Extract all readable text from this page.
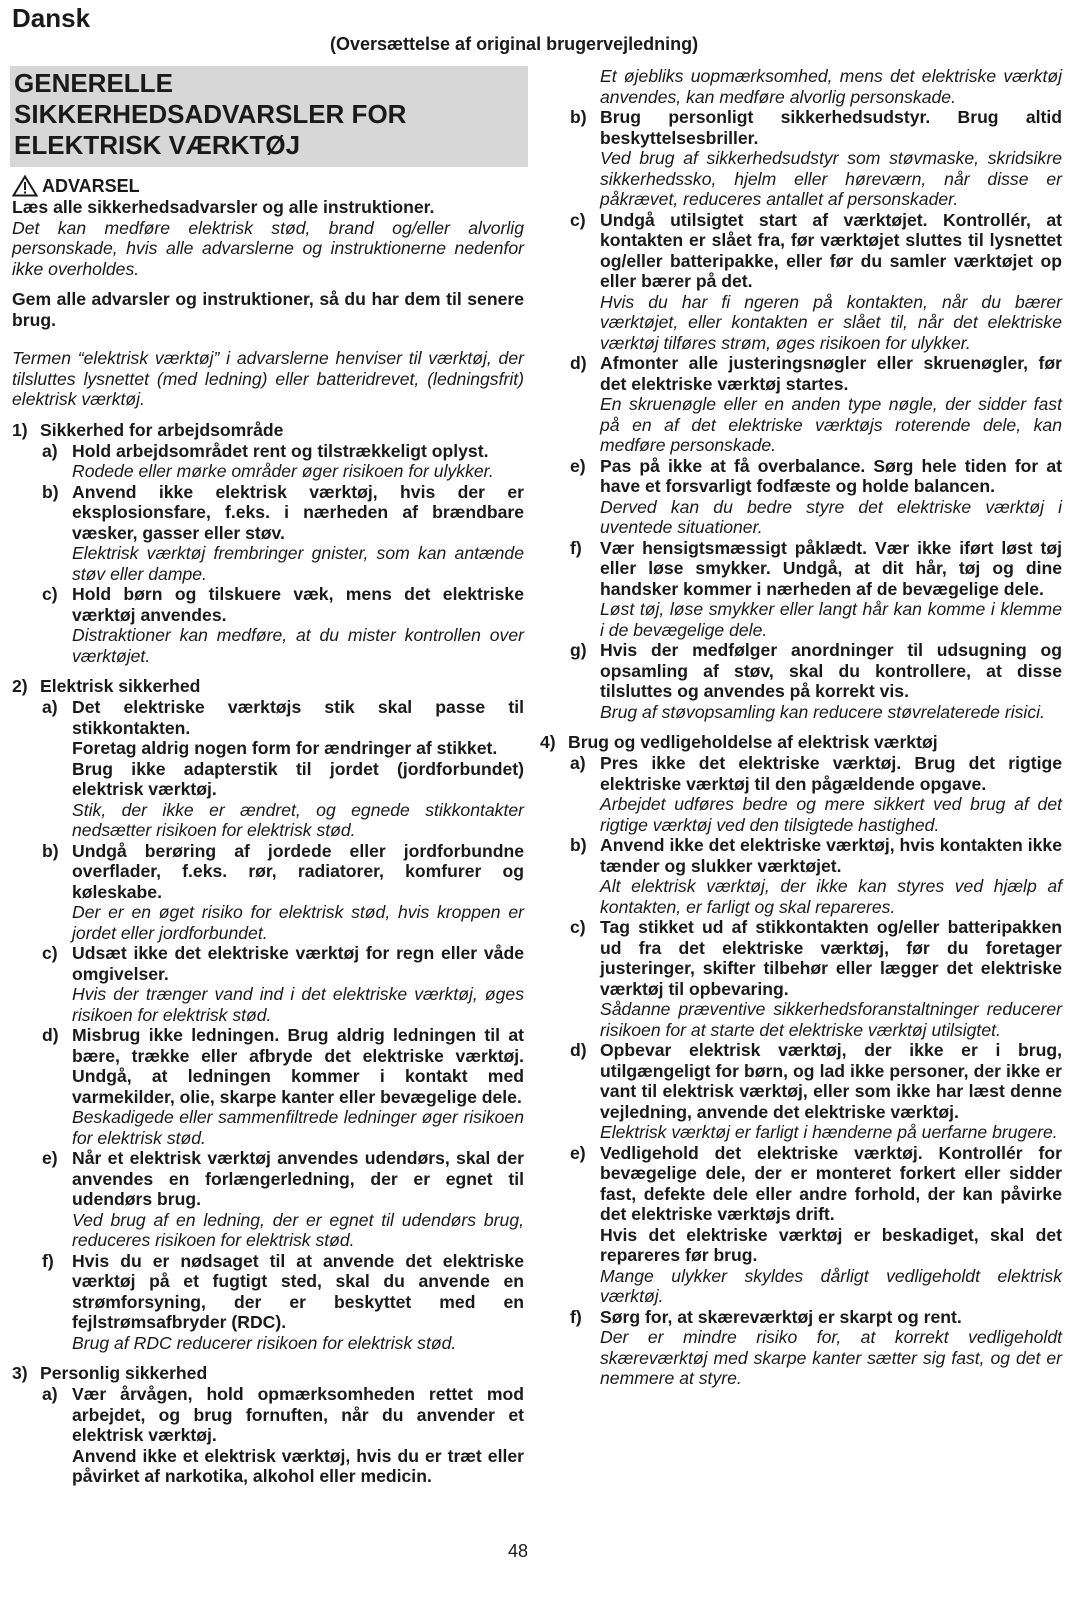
Dansk
(Oversættelse af original brugervejledning)
GENERELLE
SIKKERHEDSADVARSLER FOR
ELEKTRISK VÆRKTØJ
ADVARSEL

Læs alle sikkerhedsadvarsler og alle instruktioner.

Det kan medføre elektrisk stød, brand og/eller alvorlig personskade, hvis alle advarslerne og instruktionerne nedenfor ikke overholdes.

Gem alle advarsler og instruktioner, så du har dem til senere brug.

Termen “elektrisk værktøj” i advarslerne henviser til værktøj, der tilsluttes lysnettet (med ledning) eller batteridrevet, (ledningsfrit) elektrisk værktøj.

1) Sikkerhed for arbejdsområde

a) Hold arbejdsområdet rent og tilstrækkeligt oplyst.

Rodede eller mørke områder øger risikoen for ulykker.

b) Anvend ikke elektrisk værktøj, hvis der er eksplosionsfare, f.eks. i nærheden af brændbare væsker, gasser eller støv.

Elektrisk værktøj frembringer gnister, som kan antænde støv eller dampe.

c) Hold børn og tilskuere væk, mens det elektriske værktøj anvendes.

Distraktioner kan medføre, at du mister kontrollen over værktøjet.

2) Elektrisk sikkerhed

a) Det elektriske værktøjs stik skal passe til stikkontakten.

Foretag aldrig nogen form for ændringer af stikket.

Brug ikke adapterstik til jordet (jordforbundet) elektrisk værktøj.

Stik, der ikke er ændret, og egnede stikkontakter nedsætter risikoen for elektrisk stød.

b) Undgå berøring af jordede eller jordforbundne overflader, f.eks. rør, radiatorer, komfurer og køleskabe.

Der er en øget risiko for elektrisk stød, hvis kroppen er jordet eller jordforbundet.

c) Udsæt ikke det elektriske værktøj for regn eller våde omgivelser.

Hvis der trænger vand ind i det elektriske værktøj, øges risikoen for elektrisk stød.

d) Misbrug ikke ledningen. Brug aldrig ledningen til at bære, trække eller afbryde det elektriske værktøj. Undgå, at ledningen kommer i kontakt med varmekilder, olie, skarpe kanter eller bevægelige dele.

Beskadigede eller sammenfiltrede ledninger øger risikoen for elektrisk stød.

e) Når et elektrisk værktøj anvendes udendørs, skal der anvendes en forlængerledning, der er egnet til udendørs brug.

Ved brug af en ledning, der er egnet til udendørs brug, reduceres risikoen for elektrisk stød.

f)	Hvis du er nødsaget til at anvende det elektriske værktøj på et fugtigt sted, skal du anvende en strømforsyning, der er beskyttet med en fejlstrømsafbryder (RDC).

Brug af RDC reducerer risikoen for elektrisk stød.

3) Personlig sikkerhed

a) Vær årvågen, hold opmærksomheden rettet mod arbejdet, og brug fornuften, når du anvender et elektrisk værktøj.

Anvend ikke et elektrisk værktøj, hvis du er træt eller påvirket af narkotika, alkohol eller medicin.

Et øjebliks uopmærksomhed, mens det elektriske værktøj anvendes, kan medføre alvorlig personskade.

b) Brug personligt sikkerhedsudstyr. Brug altid beskyttelsesbriller.

Ved brug af sikkerhedsudstyr som støvmaske, skridsikre sikkerhedssko, hjelm eller høreværn, når disse er påkrævet, reduceres antallet af personskader.

c) Undgå utilsigtet start af værktøjet. Kontrollér, at kontakten er slået fra, før værktøjet sluttes til lysnettet og/eller batteripakke, eller før du samler værktøjet op eller bærer på det.

Hvis du har fi ngeren på kontakten, når du bærer værktøjet, eller kontakten er slået til, når det elektriske værktøj tilføres strøm, øges risikoen for ulykker.

d) Afmonter alle justeringsnøgler eller skruenøgler, før det elektriske værktøj startes.

En skruenøgle eller en anden type nøgle, der sidder fast på en af det elektriske værktøjs roterende dele, kan medføre personskade.

e) Pas på ikke at få overbalance. Sørg hele tiden for at have et forsvarligt fodfæste og holde balancen.

Derved kan du bedre styre det elektriske værktøj i uventede situationer.

f)	Vær hensigtsmæssigt påklædt. Vær ikke iført løst tøj eller løse smykker. Undgå, at dit hår, tøj og dine handsker kommer i nærheden af de bevægelige dele.

Løst tøj, løse smykker eller langt hår kan komme i klemme i de bevægelige dele.

g) Hvis der medfølger anordninger til udsugning og opsamling af støv, skal du kontrollere, at disse tilsluttes og anvendes på korrekt vis.

Brug af støvopsamling kan reducere støvrelaterede risici.

4) Brug og vedligeholdelse af elektrisk værktøj

a) Pres ikke det elektriske værktøj. Brug det rigtige elektriske værktøj til den pågældende opgave.

Arbejdet udføres bedre og mere sikkert ved brug af det rigtige værktøj ved den tilsigtede hastighed.

b) Anvend ikke det elektriske værktøj, hvis kontakten ikke tænder og slukker værktøjet.

Alt elektrisk værktøj, der ikke kan styres ved hjælp af kontakten, er farligt og skal repareres.

c) Tag stikket ud af stikkontakten og/eller batteripakken ud fra det elektriske værktøj, før du foretager justeringer, skifter tilbehør eller lægger det elektriske værktøj til opbevaring.

Sådanne præventive sikkerhedsforanstaltninger reducerer risikoen for at starte det elektriske værktøj utilsigtet.

d) Opbevar elektrisk værktøj, der ikke er i brug, utilgængeligt for børn, og lad ikke personer, der ikke er vant til elektrisk værktøj, eller som ikke har læst denne vejledning, anvende det elektriske værktøj.

Elektrisk værktøj er farligt i hænderne på uerfarne brugere.

e) Vedligehold det elektriske værktøj. Kontrollér for bevægelige dele, der er monteret forkert eller sidder fast, defekte dele eller andre forhold, der kan påvirke det elektriske værktøjs drift.

Hvis det elektriske værktøj er beskadiget, skal det repareres før brug.

Mange ulykker skyldes dårligt vedligeholdt elektrisk værktøj.

f)	Sørg for, at skæreværktøj er skarpt og rent.

Der er mindre risiko for, at korrekt vedligeholdt skæreværktøj med skarpe kanter sætter sig fast, og det er nemmere at styre.

48
